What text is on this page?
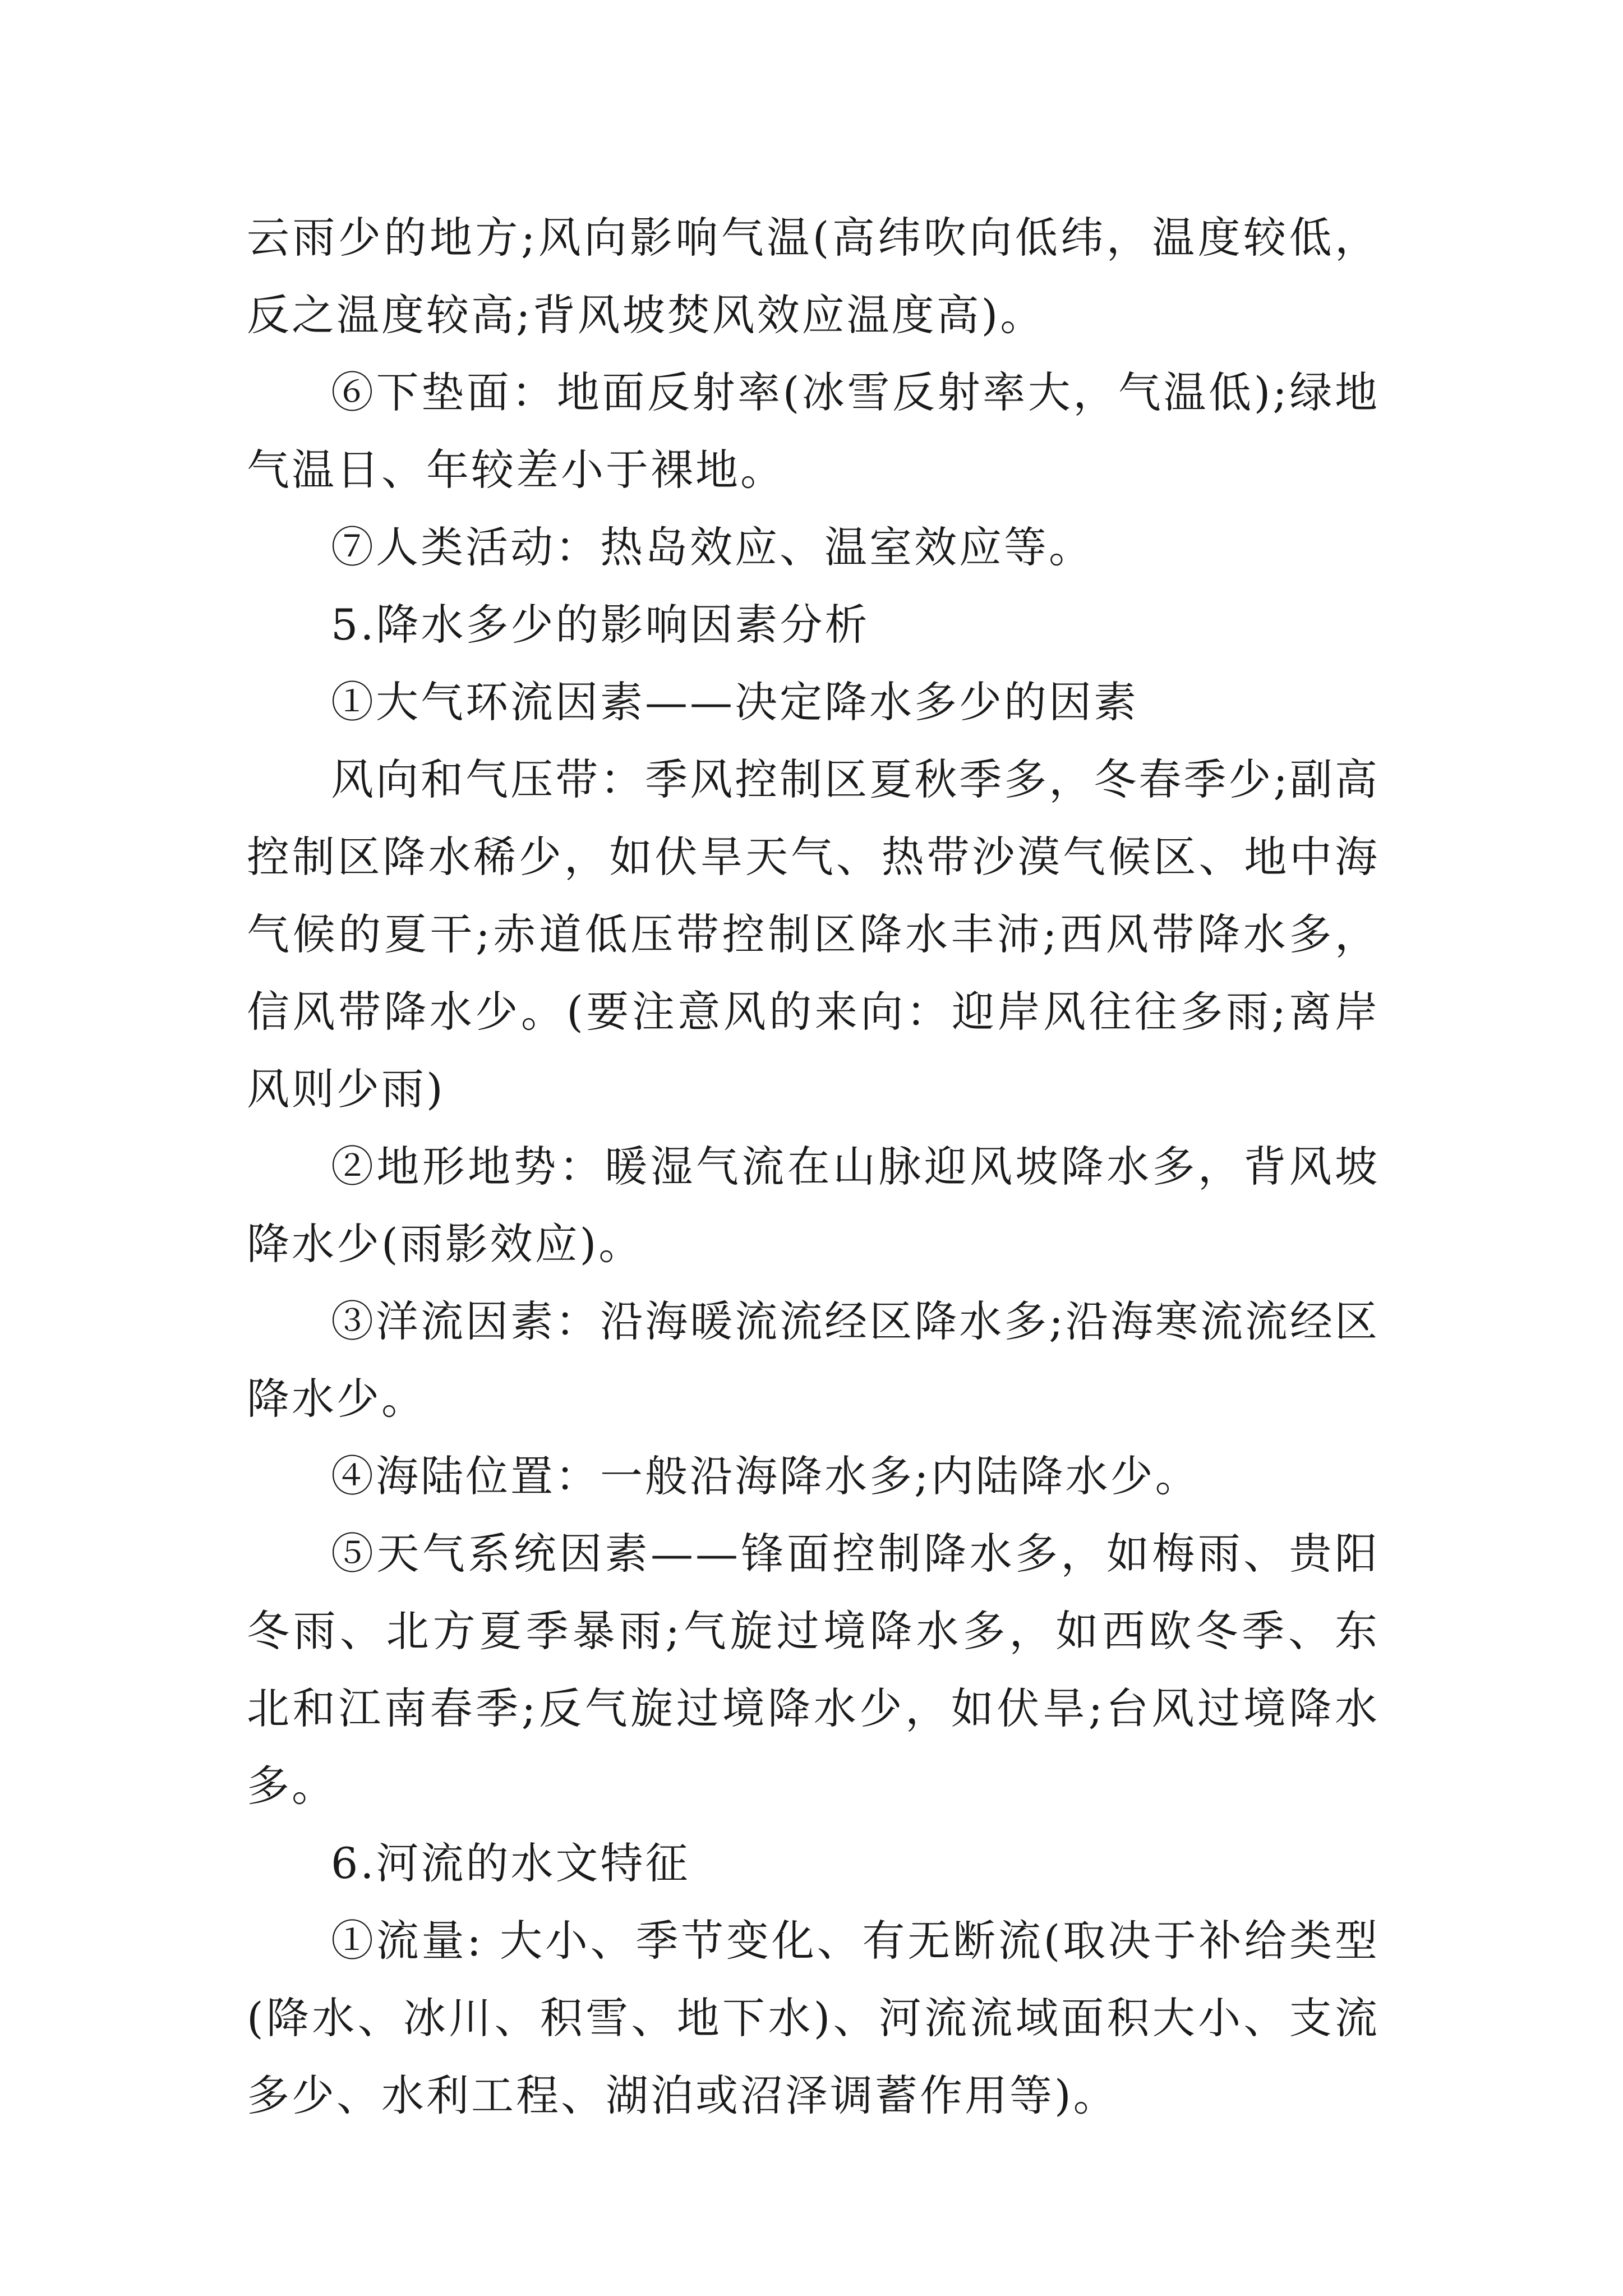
云雨少的地方;风向影响气温(高纬吹向低纬，温度较低，反之温度较高;背风坡焚风效应温度高)。

⑥下垫面：地面反射率(冰雪反射率大，气温低);绿地气温日、年较差小于裸地。

⑦人类活动：热岛效应、温室效应等。

5.降水多少的影响因素分析

①大气环流因素——决定降水多少的因素

风向和气压带：季风控制区夏秋季多，冬春季少;副高控制区降水稀少，如伏旱天气、热带沙漠气候区、地中海气候的夏干;赤道低压带控制区降水丰沛;西风带降水多，信风带降水少。(要注意风的来向：迎岸风往往多雨;离岸风则少雨)

②地形地势：暖湿气流在山脉迎风坡降水多，背风坡降水少(雨影效应)。

③洋流因素：沿海暖流流经区降水多;沿海寒流流经区降水少。

④海陆位置：一般沿海降水多;内陆降水少。

⑤天气系统因素——锋面控制降水多，如梅雨、贵阳冬雨、北方夏季暴雨;气旋过境降水多，如西欧冬季、东北和江南春季;反气旋过境降水少，如伏旱;台风过境降水多。

6.河流的水文特征

①流量: 大小、季节变化、有无断流(取决于补给类型(降水、冰川、积雪、地下水)、河流流域面积大小、支流多少、水利工程、湖泊或沼泽调蓄作用等)。
